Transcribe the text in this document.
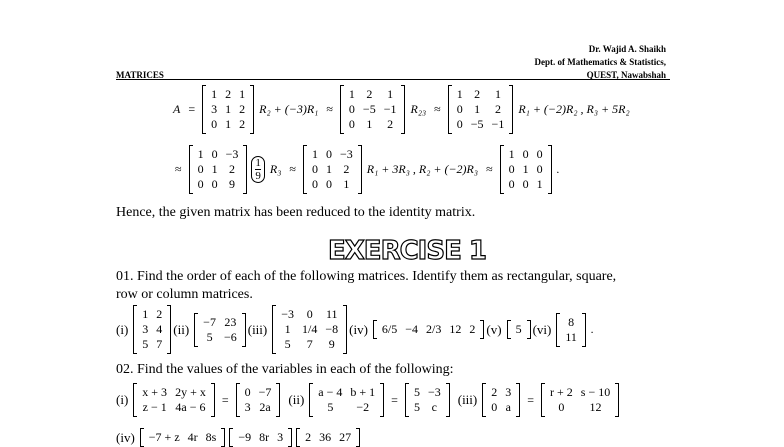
Dr. Wajid A. Shaikh
Dept. of Mathematics & Statistics,
QUEST, Nawabshah
MATRICES
A =
1	2	1
3	1	2
0	1	2
R₂ + (−3)R₁ ≈
1	2	1
0	−5	−1
0	1	2
R₂₃ ≈
1	2	1
0	1	2
0	−5	−1
R₁ + (−2)R₂ , R₃ + 5R₂
≈
1	0	−3
0	1	2
0	0	9
$\frac{1}{9} R_3$ ≈
1	0	−3
0	1	2
0	0	1
R₁ + 3R₃ , R₂ + (−2)R₃ ≈
1	0	0
0	1	0
0	0	1
.
Hence, the given matrix has been reduced to the identity matrix.
EXERCISE 1
01. Find the order of each of the following matrices. Identify them as rectangular, square,
row or column matrices.
(i)
1	2
3	4
5	7
(ii) −7	23
5	−6 (iii)
−3	0	11
1	1/4	−8
5	7	9
(iv) 6/5	−4	2/3	12	2 (v) 5 (vi) 8
11
.
02. Find the values of the variables in each of the following:
(i) x + 3	2y + x
z − 1	4a − 6
=
0	−7
3	2a (ii) a − 4	b + 1
5	−2
=
5	−3
5	c (iii) 2	3
0	a
=
r + 2	s − 10
0	12
(iv) −7 + z	4r	8s −9	8r	3 2	36	27
